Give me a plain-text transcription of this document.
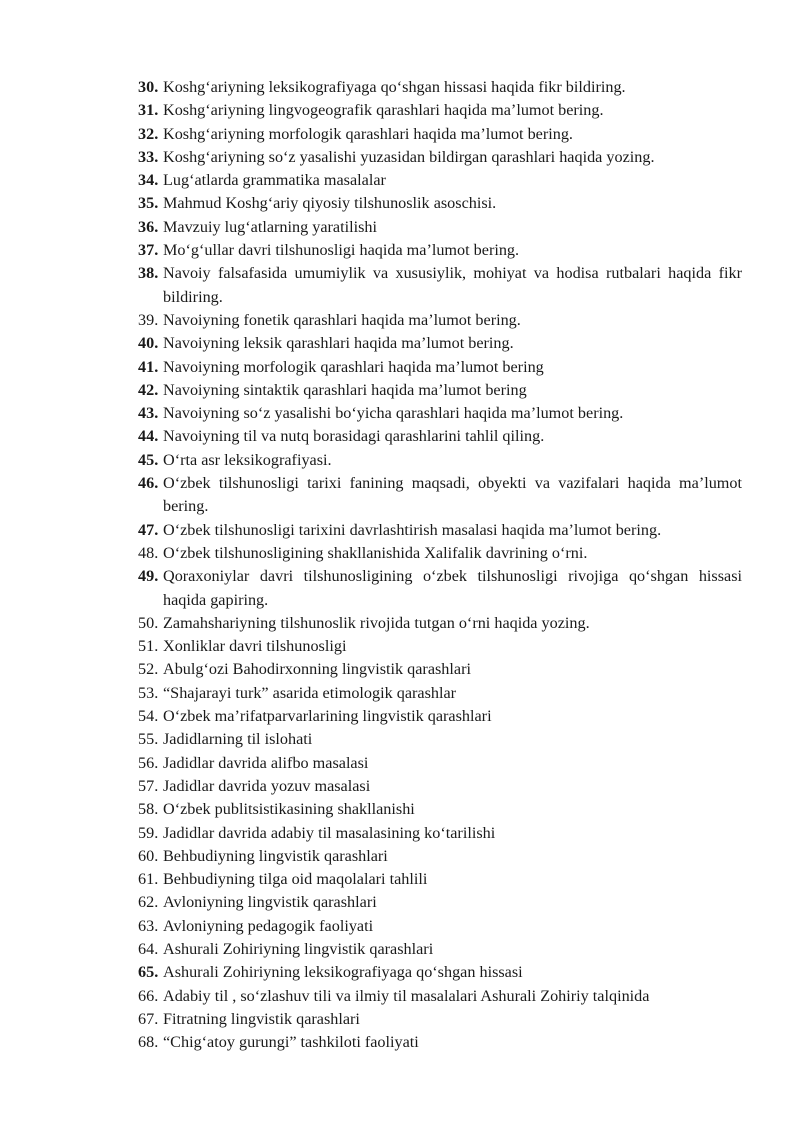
30. Koshg‘ariyning leksikografiyaga qo‘shgan hissasi haqida fikr bildiring.
31. Koshg‘ariyning lingvogeografik qarashlari haqida ma’lumot bering.
32. Koshg‘ariyning morfologik qarashlari haqida ma’lumot bering.
33. Koshg‘ariyning so‘z yasalishi yuzasidan bildirgan qarashlari haqida yozing.
34. Lug‘atlarda grammatika masalalar
35. Mahmud Koshg‘ariy qiyosiy tilshunoslik asoschisi.
36. Mavzuiy lug‘atlarning yaratilishi
37. Mo‘g‘ullar davri tilshunosligi haqida ma’lumot bering.
38. Navoiy falsafasida umumiylik va xususiylik, mohiyat va hodisa rutbalari haqida fikr bildiring.
39. Navoiyning fonetik qarashlari haqida ma’lumot bering.
40. Navoiyning leksik qarashlari haqida ma’lumot bering.
41. Navoiyning morfologik qarashlari haqida ma’lumot bering
42. Navoiyning sintaktik qarashlari haqida ma’lumot bering
43. Navoiyning so‘z yasalishi bo‘yicha qarashlari haqida ma’lumot bering.
44. Navoiyning til va nutq borasidagi qarashlarini tahlil qiling.
45. O‘rta asr leksikografiyasi.
46. O‘zbek tilshunosligi tarixi fanining maqsadi, obyekti va vazifalari haqida ma’lumot bering.
47. O‘zbek tilshunosligi tarixini davrlashtirish masalasi haqida ma’lumot bering.
48. O‘zbek tilshunosligining shakllanishida Xalifalik davrining o‘rni.
49. Qoraxoniylar davri tilshunosligining o‘zbek tilshunosligi rivojiga qo‘shgan hissasi haqida gapiring.
50. Zamahshariyning tilshunoslik rivojida tutgan o‘rni haqida yozing.
51. Xonliklar davri tilshunosligi
52. Abulg‘ozi Bahodirxonning lingvistik qarashlari
53. “Shajarayi turk” asarida etimologik qarashlar
54. O‘zbek ma’rifatparvarlarining lingvistik qarashlari
55. Jadidlarning til islohati
56. Jadidlar davrida alifbo masalasi
57. Jadidlar davrida yozuv masalasi
58. O‘zbek publitsistikasining shakllanishi
59. Jadidlar davrida adabiy til masalasining ko‘tarilishi
60. Behbudiyning lingvistik qarashlari
61. Behbudiyning tilga oid maqolalari tahlili
62. Avloniyning lingvistik qarashlari
63. Avloniyning pedagogik faoliyati
64. Ashurali Zohiriyning lingvistik qarashlari
65. Ashurali Zohiriyning leksikografiyaga qo‘shgan hissasi
66. Adabiy til , so‘zlashuv tili va ilmiy til masalalari Ashurali Zohiriy talqinida
67. Fitratning lingvistik qarashlari
68. “Chig‘atoy gurungi” tashkiloti faoliyati
